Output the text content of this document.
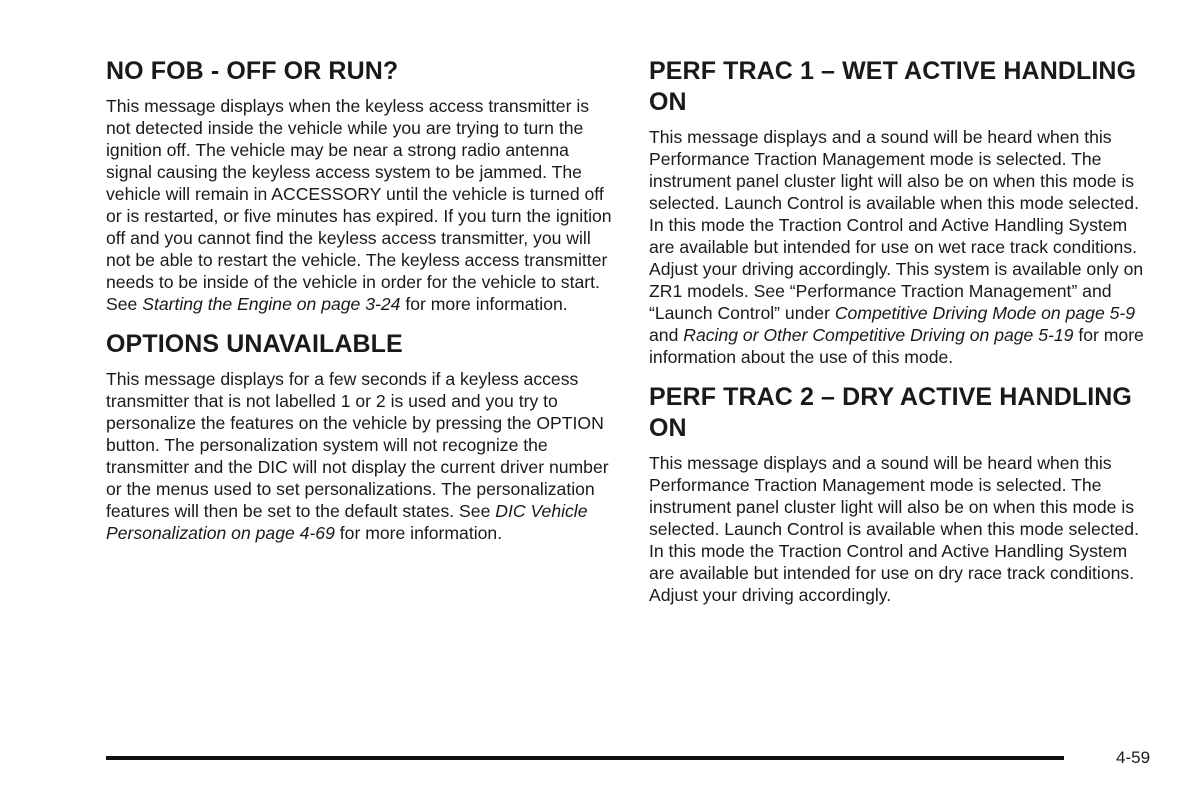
NO FOB - OFF OR RUN?

This message displays when the keyless access transmitter is not detected inside the vehicle while you are trying to turn the ignition off. The vehicle may be near a strong radio antenna signal causing the keyless access system to be jammed. The vehicle will remain in ACCESSORY until the vehicle is turned off or is restarted, or five minutes has expired. If you turn the ignition off and you cannot find the keyless access transmitter, you will not be able to restart the vehicle. The keyless access transmitter needs to be inside of the vehicle in order for the vehicle to start. See Starting the Engine on page 3-24 for more information.

OPTIONS UNAVAILABLE

This message displays for a few seconds if a keyless access transmitter that is not labelled 1 or 2 is used and you try to personalize the features on the vehicle by pressing the OPTION button. The personalization system will not recognize the transmitter and the DIC will not display the current driver number or the menus used to set personalizations. The personalization features will then be set to the default states. See DIC Vehicle Personalization on page 4-69 for more information.

PERF TRAC 1 – WET ACTIVE HANDLING ON

This message displays and a sound will be heard when this Performance Traction Management mode is selected. The instrument panel cluster light will also be on when this mode is selected. Launch Control is available when this mode selected. In this mode the Traction Control and Active Handling System are available but intended for use on wet race track conditions. Adjust your driving accordingly. This system is available only on ZR1 models. See “Performance Traction Management” and “Launch Control” under Competitive Driving Mode on page 5-9 and Racing or Other Competitive Driving on page 5-19 for more information about the use of this mode.

PERF TRAC 2 – DRY ACTIVE HANDLING ON

This message displays and a sound will be heard when this Performance Traction Management mode is selected. The instrument panel cluster light will also be on when this mode is selected. Launch Control is available when this mode selected. In this mode the Traction Control and Active Handling System are available but intended for use on dry race track conditions. Adjust your driving accordingly.

4-59
